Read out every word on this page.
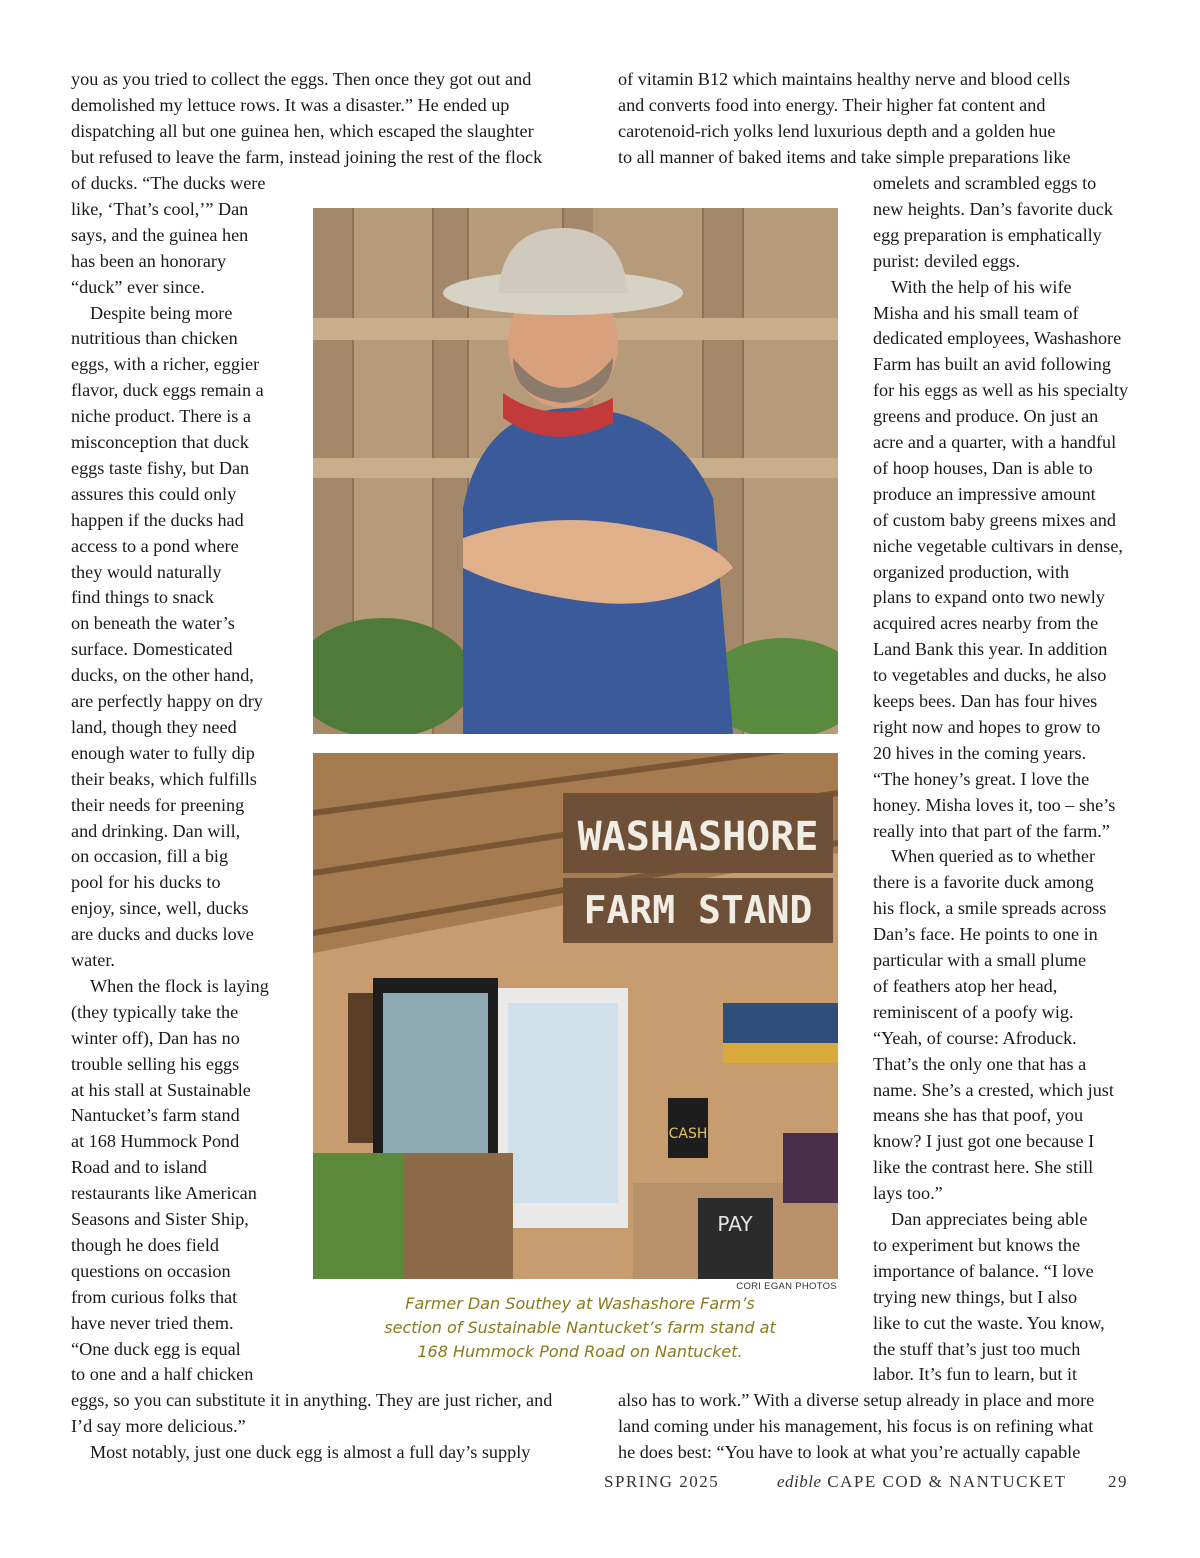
you as you tried to collect the eggs. Then once they got out and
demolished my lettuce rows. It was a disaster.” He ended up
dispatching all but one guinea hen, which escaped the slaughter
but refused to leave the farm, instead joining the rest of the flock
of ducks. “The ducks were
like, ‘That’s cool,’” Dan
says, and the guinea hen
has been an honorary
“duck” ever since.
Despite being more
nutritious than chicken
eggs, with a richer, eggier
flavor, duck eggs remain a
niche product. There is a
misconception that duck
eggs taste fishy, but Dan
assures this could only
happen if the ducks had
access to a pond where
they would naturally
find things to snack
on beneath the water’s
surface. Domesticated
ducks, on the other hand,
are perfectly happy on dry
land, though they need
enough water to fully dip
their beaks, which fulfills
their needs for preening
and drinking. Dan will,
on occasion, fill a big
pool for his ducks to
enjoy, since, well, ducks
are ducks and ducks love
water.
When the flock is laying
(they typically take the
winter off), Dan has no
trouble selling his eggs
at his stall at Sustainable
Nantucket’s farm stand
at 168 Hummock Pond
Road and to island
restaurants like American
Seasons and Sister Ship,
though he does field
questions on occasion
from curious folks that
have never tried them.
“One duck egg is equal
to one and a half chicken
eggs, so you can substitute it in anything. They are just richer, and
I’d say more delicious.”
Most notably, just one duck egg is almost a full day’s supply
of vitamin B12 which maintains healthy nerve and blood cells
and converts food into energy. Their higher fat content and
carotenoid-rich yolks lend luxurious depth and a golden hue
to all manner of baked items and take simple preparations like
omelets and scrambled eggs to
new heights. Dan’s favorite duck
egg preparation is emphatically
purist: deviled eggs.
With the help of his wife
Misha and his small team of
dedicated employees, Washashore
Farm has built an avid following
for his eggs as well as his specialty
greens and produce. On just an
acre and a quarter, with a handful
of hoop houses, Dan is able to
produce an impressive amount
of custom baby greens mixes and
niche vegetable cultivars in dense,
organized production, with
plans to expand onto two newly
acquired acres nearby from the
Land Bank this year. In addition
to vegetables and ducks, he also
keeps bees. Dan has four hives
right now and hopes to grow to
20 hives in the coming years.
“The honey’s great. I love the
honey. Misha loves it, too – she’s
really into that part of the farm.”
When queried as to whether
there is a favorite duck among
his flock, a smile spreads across
Dan’s face. He points to one in
particular with a small plume
of feathers atop her head,
reminiscent of a poofy wig.
“Yeah, of course: Afroduck.
That’s the only one that has a
name. She’s a crested, which just
means she has that poof, you
know? I just got one because I
like the contrast here. She still
lays too.”
Dan appreciates being able
to experiment but knows the
importance of balance. “I love
trying new things, but I also
like to cut the waste. You know,
the stuff that’s just too much
labor. It’s fun to learn, but it
also has to work.” With a diverse setup already in place and more
land coming under his management, his focus is on refining what
he does best: “You have to look at what you’re actually capable
WASHASHORE
FARM STAND
CASH
PAY
CORI EGAN PHOTOS
Farmer Dan Southey at Washashore Farm’s
section of Sustainable Nantucket’s farm stand at
168 Hummock Pond Road on Nantucket.
SPRING 2025	edible CAPE COD & NANTUCKET 29
